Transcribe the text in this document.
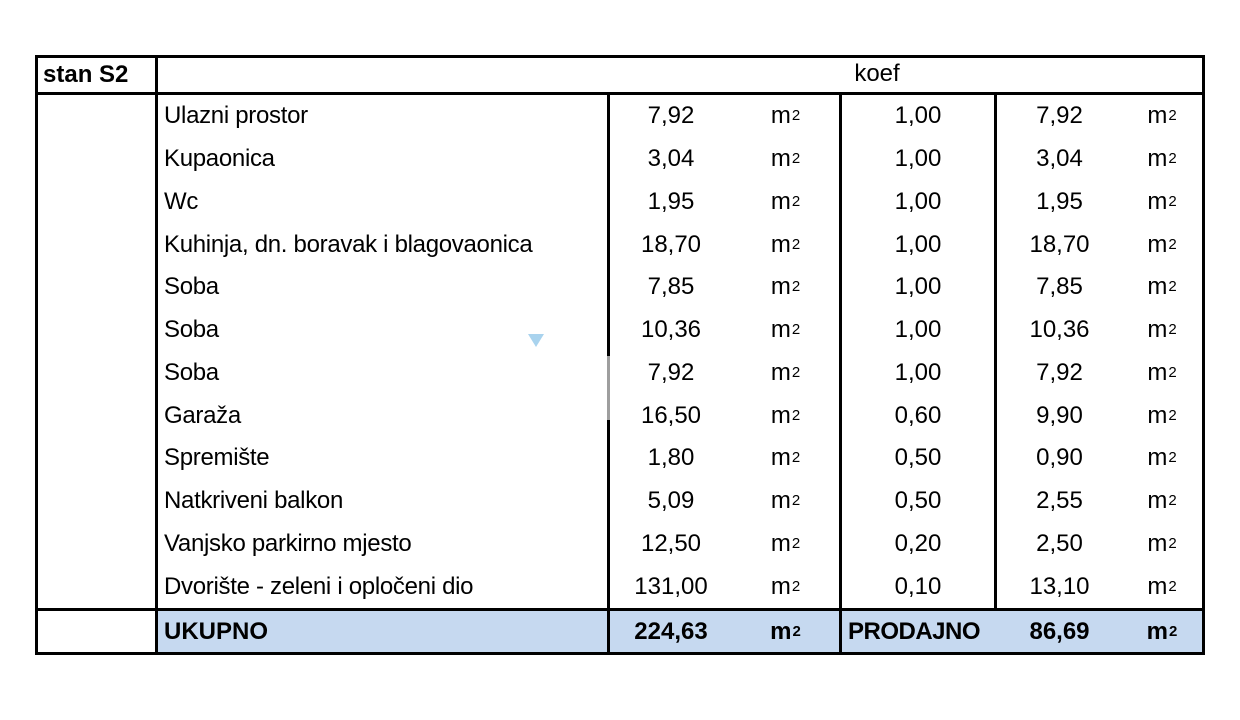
stan S2	koef
Ulazni prostor	7,92	m 2	1,00	7,92	m 2
Kupaonica	3,04	m 2	1,00	3,04	m 2
Wc	1,95	m 2	1,00	1,95	m 2
Kuhinja, dn. boravak i blagovaonica	18,70	m 2	1,00	18,70	m 2
Soba	7,85	m 2	1,00	7,85	m 2
Soba	10,36	m 2	1,00	10,36	m 2
Soba	7,92	m 2	1,00	7,92	m 2
Garaža	16,50	m 2	0,60	9,90	m 2
Spremište	1,80	m 2	0,50	0,90	m 2
Natkriveni balkon	5,09	m 2	0,50	2,55	m 2
Vanjsko parkirno mjesto	12,50	m 2	0,20	2,50	m 2
Dvorište - zeleni i opločeni dio	131,00	m 2	0,10	13,10	m 2
UKUPNO	224,63	m 2 PRODAJNO	86,69	m 2
